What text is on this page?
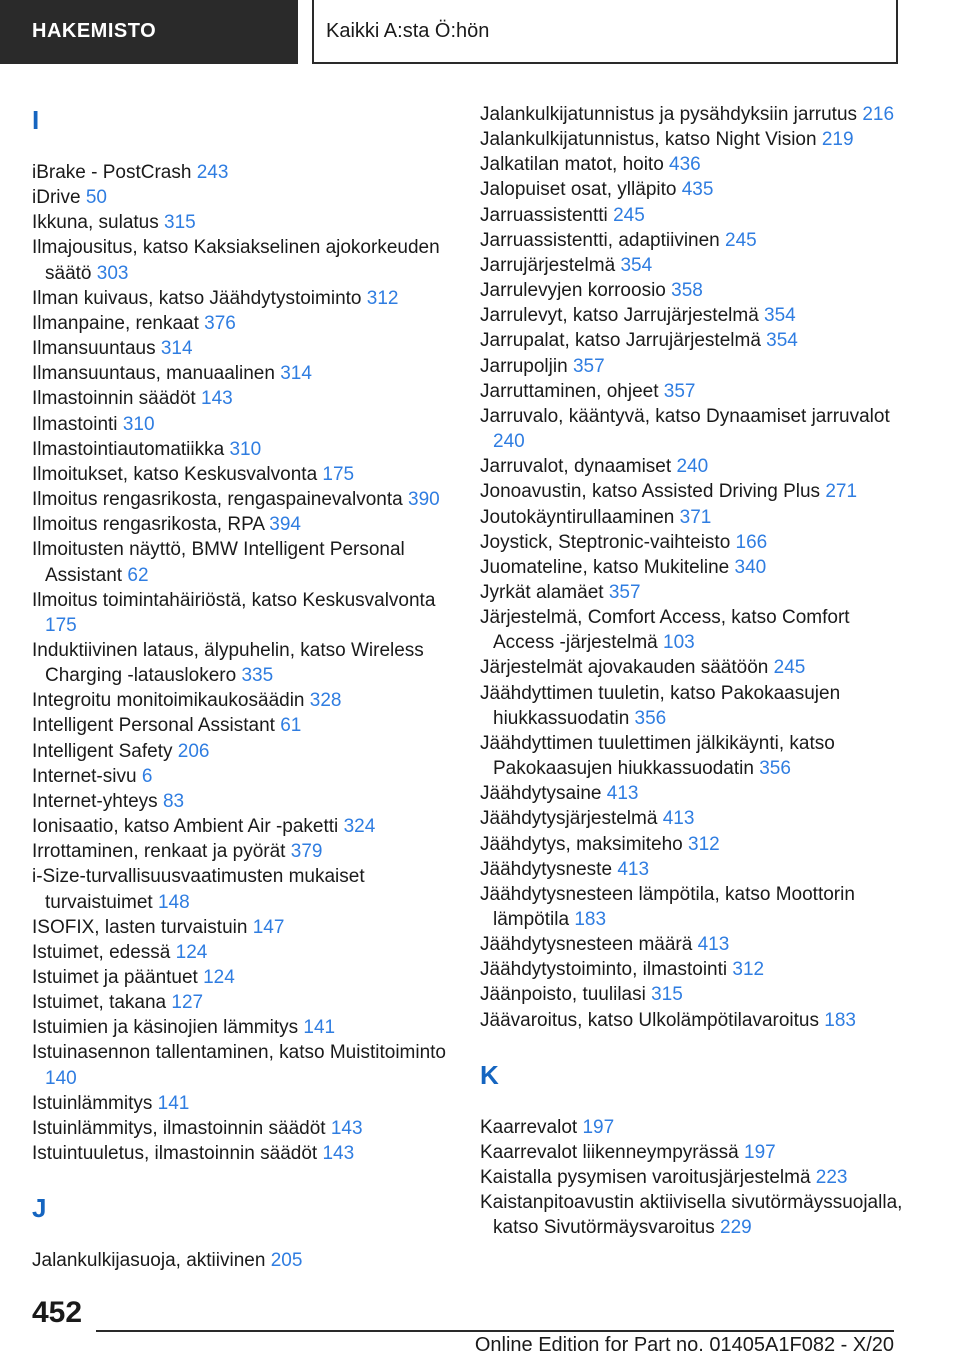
HAKEMISTO	Kaikki A:sta Ö:hön
I
iBrake - PostCrash 243
iDrive 50
Ikkuna, sulatus 315
Ilmajousitus, katso Kaksiakselinen ajokorkeuden säätö 303
Ilman kuivaus, katso Jäähdytystoiminto 312
Ilmanpaine, renkaat 376
Ilmansuuntaus 314
Ilmansuuntaus, manuaalinen 314
Ilmastoinnin säädöt 143
Ilmastointi 310
Ilmastointiautomatiikka 310
Ilmoitukset, katso Keskusvalvonta 175
Ilmoitus rengasrikosta, rengaspainevalvonta 390
Ilmoitus rengasrikosta, RPA 394
Ilmoitusten näyttö, BMW Intelligent Personal Assistant 62
Ilmoitus toimintahäiriöstä, katso Keskusvalvonta 175
Induktiivinen lataus, älypuhelin, katso Wireless Charging -latauslokero 335
Integroitu monitoimikaukosäädin 328
Intelligent Personal Assistant 61
Intelligent Safety 206
Internet-sivu 6
Internet-yhteys 83
Ionisaatio, katso Ambient Air -paketti 324
Irrottaminen, renkaat ja pyörät 379
i-Size-turvallisuusvaatimusten mukaiset turvaistuimet 148
ISOFIX, lasten turvaistuin 147
Istuimet, edessä 124
Istuimet ja pääntuet 124
Istuimet, takana 127
Istuimien ja käsinojien lämmitys 141
Istuinasennon tallentaminen, katso Muistitoiminto 140
Istuinlämmitys 141
Istuinlämmitys, ilmastoinnin säädöt 143
Istuintuuletus, ilmastoinnin säädöt 143
J
Jalankulkijasuoja, aktiivinen 205
Jalankulkijatunnistus ja pysähdyksiin jarrutus 216
Jalankulkijatunnistus, katso Night Vision 219
Jalkatilan matot, hoito 436
Jalopuiset osat, ylläpito 435
Jarruassistentti 245
Jarruassistentti, adaptiivinen 245
Jarrujärjestelmä 354
Jarrulevyjen korroosio 358
Jarrulevyt, katso Jarrujärjestelmä 354
Jarrupalat, katso Jarrujärjestelmä 354
Jarrupoljin 357
Jarruttaminen, ohjeet 357
Jarruvalo, kääntyvä, katso Dynaamiset jarruvalot 240
Jarruvalot, dynaamiset 240
Jonoavustin, katso Assisted Driving Plus 271
Joutokäyntirullaaminen 371
Joystick, Steptronic-vaihteisto 166
Juomateline, katso Mukiteline 340
Jyrkät alamäet 357
Järjestelmä, Comfort Access, katso Comfort Access -järjestelmä 103
Järjestelmät ajovakauden säätöön 245
Jäähdyttimen tuuletin, katso Pakokaasujen hiukkassuodatin 356
Jäähdyttimen tuulettimen jälkikäynti, katso Pakokaasujen hiukkassuodatin 356
Jäähdytysaine 413
Jäähdytysjärjestelmä 413
Jäähdytys, maksimiteho 312
Jäähdytysneste 413
Jäähdytysnesteen lämpötila, katso Moottorin lämpötila 183
Jäähdytysnesteen määrä 413
Jäähdytystoiminto, ilmastointi 312
Jäänpoisto, tuulilasi 315
Jäävaroitus, katso Ulkolämpötilavaroitus 183
K
Kaarrevalot 197
Kaarrevalot liikenneympyrässä 197
Kaistalla pysymisen varoitusjärjestelmä 223
Kaistanpitoavustin aktiivisella sivutörmäyssuojalla, katso Sivutörmäysvaroitus 229
452
Online Edition for Part no. 01405A1F082 - X/20
